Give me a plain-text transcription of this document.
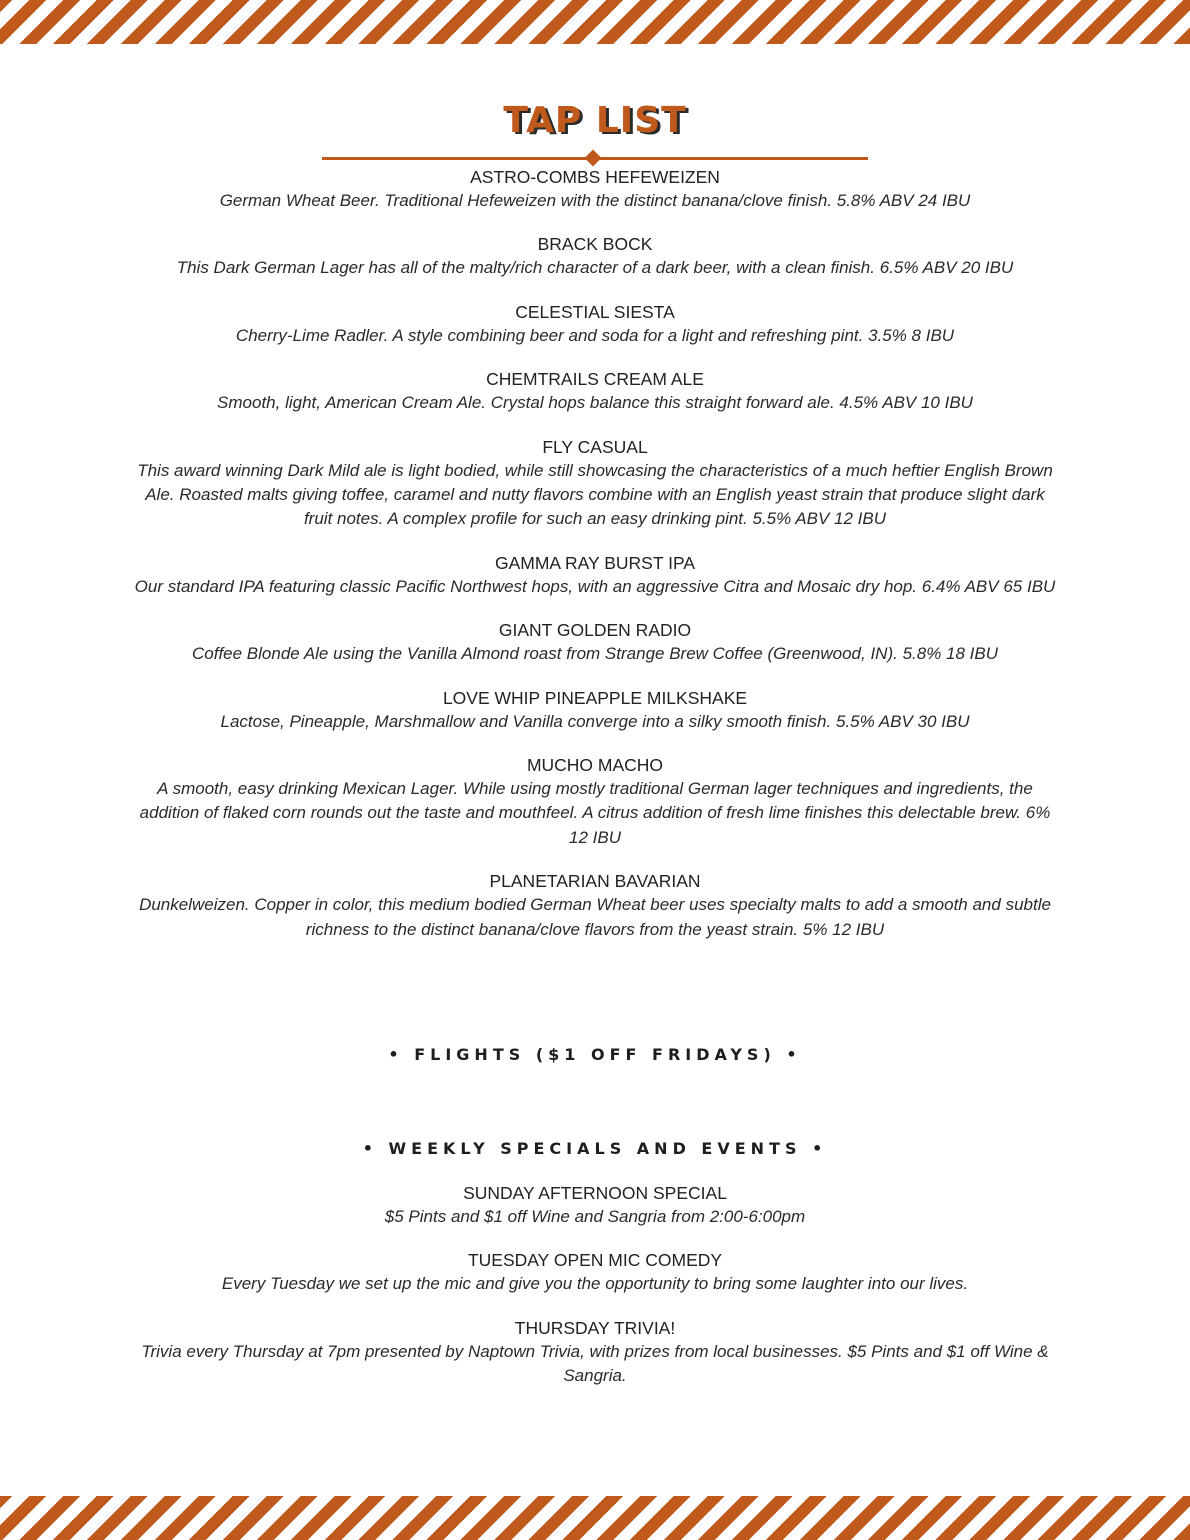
TAP LIST
ASTRO-COMBS HEFEWEIZEN
German Wheat Beer. Traditional Hefeweizen with the distinct banana/clove finish. 5.8% ABV 24 IBU
BRACK BOCK
This Dark German Lager has all of the malty/rich character of a dark beer, with a clean finish. 6.5% ABV 20 IBU
CELESTIAL SIESTA
Cherry-Lime Radler. A style combining beer and soda for a light and refreshing pint. 3.5% 8 IBU
CHEMTRAILS CREAM ALE
Smooth, light, American Cream Ale. Crystal hops balance this straight forward ale. 4.5% ABV 10 IBU
FLY CASUAL
This award winning Dark Mild ale is light bodied, while still showcasing the characteristics of a much heftier English Brown Ale. Roasted malts giving toffee, caramel and nutty flavors combine with an English yeast strain that produce slight dark fruit notes. A complex profile for such an easy drinking pint. 5.5% ABV 12 IBU
GAMMA RAY BURST IPA
Our standard IPA featuring classic Pacific Northwest hops, with an aggressive Citra and Mosaic dry hop. 6.4% ABV 65 IBU
GIANT GOLDEN RADIO
Coffee Blonde Ale using the Vanilla Almond roast from Strange Brew Coffee (Greenwood, IN). 5.8% 18 IBU
LOVE WHIP PINEAPPLE MILKSHAKE
Lactose, Pineapple, Marshmallow and Vanilla converge into a silky smooth finish. 5.5% ABV 30 IBU
MUCHO MACHO
A smooth, easy drinking Mexican Lager. While using mostly traditional German lager techniques and ingredients, the addition of flaked corn rounds out the taste and mouthfeel. A citrus addition of fresh lime finishes this delectable brew. 6% 12 IBU
PLANETARIAN BAVARIAN
Dunkelweizen. Copper in color, this medium bodied German Wheat beer uses specialty malts to add a smooth and subtle richness to the distinct banana/clove flavors from the yeast strain. 5% 12 IBU
• FLIGHTS ($1 OFF FRIDAYS) •
• WEEKLY SPECIALS AND EVENTS •
SUNDAY AFTERNOON SPECIAL
$5 Pints and $1 off Wine and Sangria from 2:00-6:00pm
TUESDAY OPEN MIC COMEDY
Every Tuesday we set up the mic and give you the opportunity to bring some laughter into our lives.
THURSDAY TRIVIA!
Trivia every Thursday at 7pm presented by Naptown Trivia, with prizes from local businesses. $5 Pints and $1 off Wine & Sangria.
